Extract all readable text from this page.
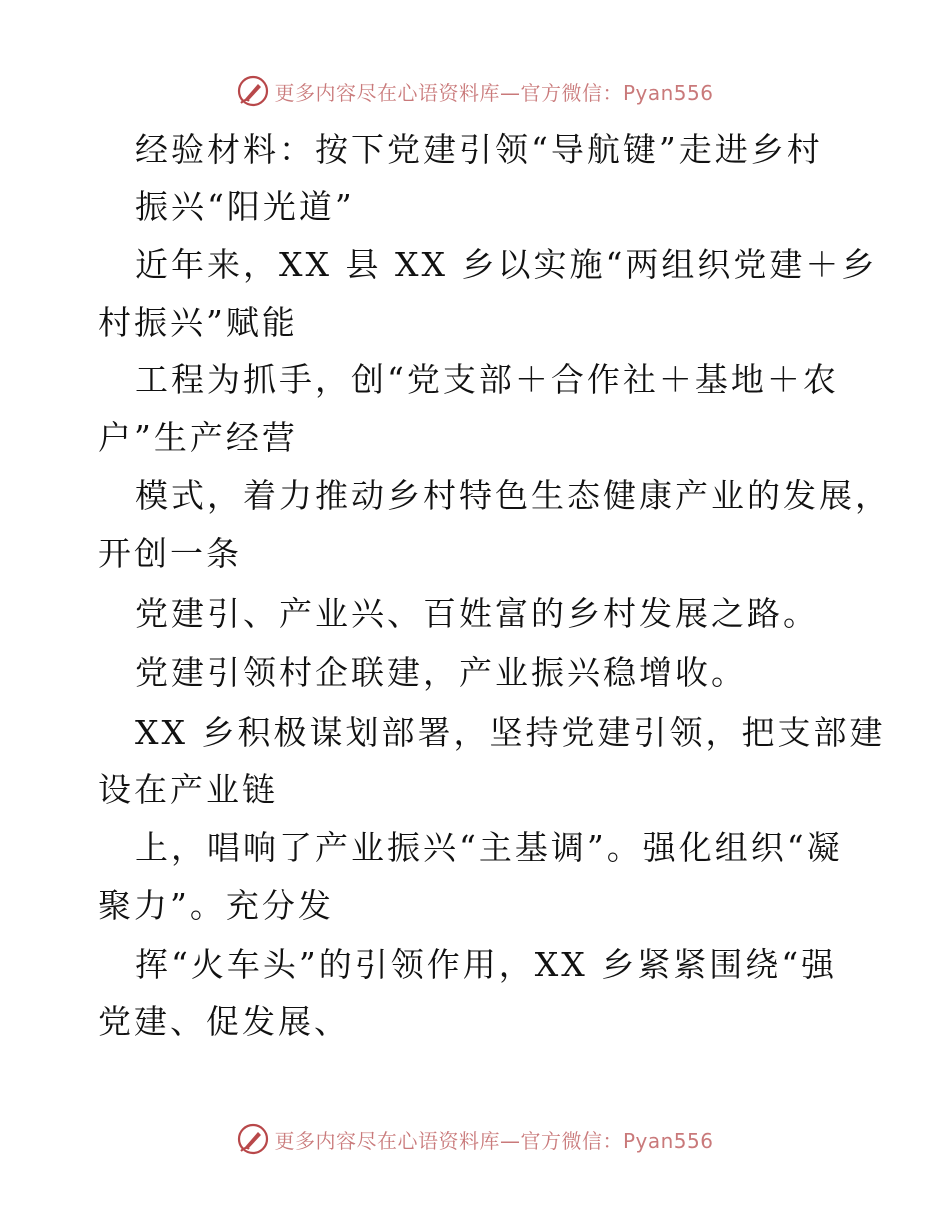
更多内容尽在心语资料库—官方微信：Pyan556
经验材料：按下党建引领“导航键”走进乡村
振兴“阳光道”
近年来，XX 县 XX 乡以实施“两组织党建＋乡
村振兴”赋能
工程为抓手，创“党支部＋合作社＋基地＋农
户”生产经营
模式，着力推动乡村特色生态健康产业的发展，
开创一条
党建引、产业兴、百姓富的乡村发展之路。
党建引领村企联建，产业振兴稳增收。
XX 乡积极谋划部署，坚持党建引领，把支部建
设在产业链
上，唱响了产业振兴“主基调”。强化组织“凝
聚力”。充分发
挥“火车头”的引领作用，XX 乡紧紧围绕“强
党建、促发展、
更多内容尽在心语资料库—官方微信：Pyan556
